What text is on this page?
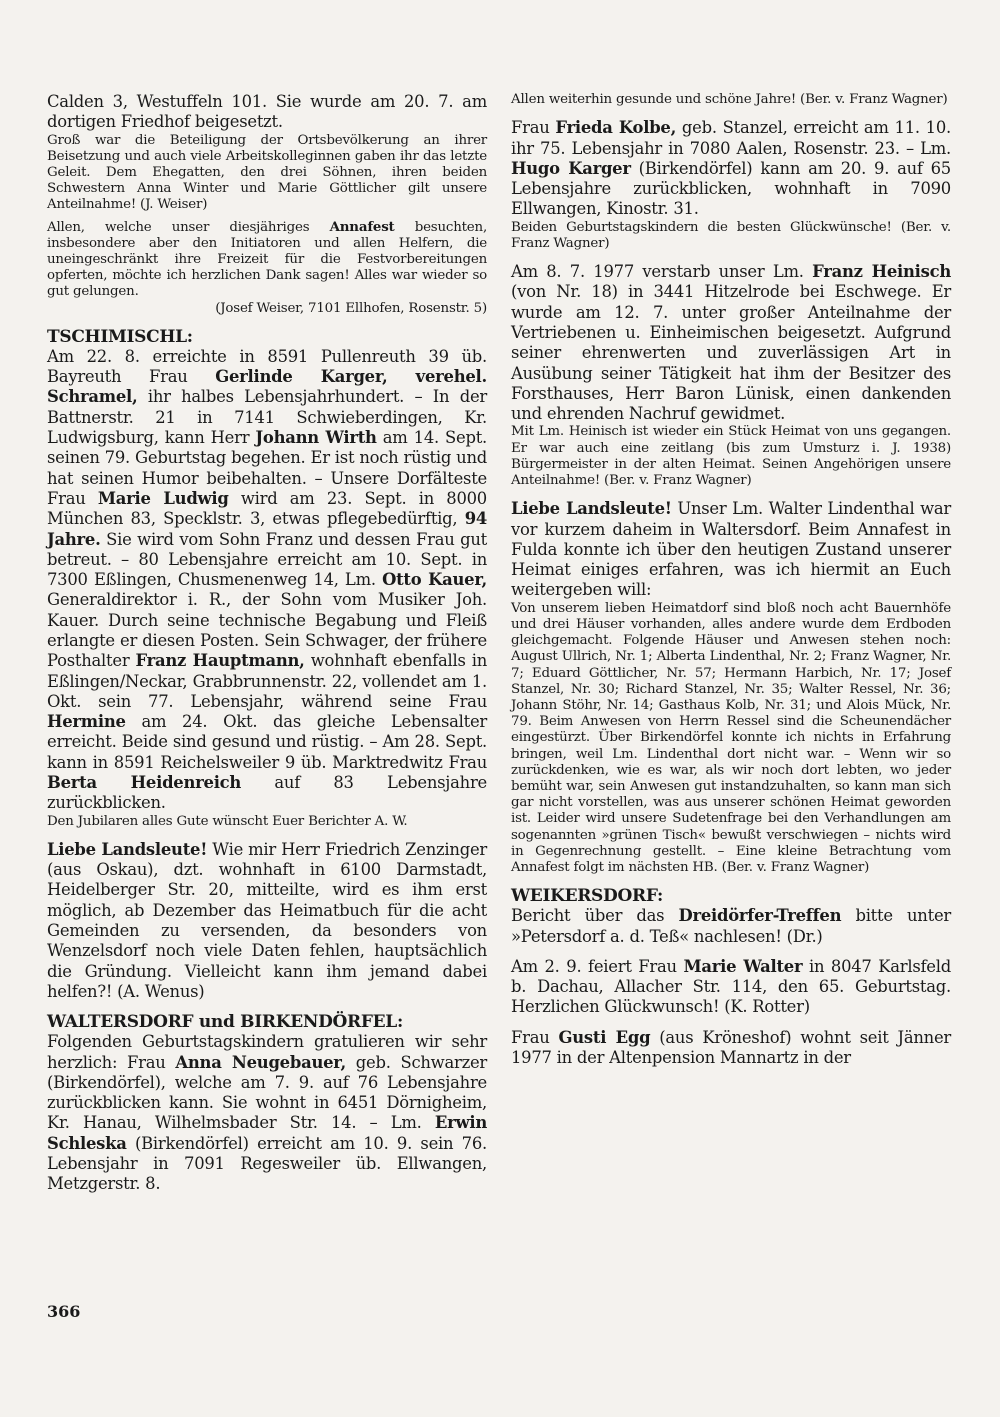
Calden 3, Westuffeln 101. Sie wurde am 20. 7. am dortigen Friedhof beigesetzt.

Groß war die Beteiligung der Ortsbevölkerung an ihrer Beisetzung und auch viele Arbeitskolleginnen gaben ihr das letzte Geleit. Dem Ehegatten, den drei Söhnen, ihren beiden Schwestern Anna Winter und Marie Göttlicher gilt unsere Anteilnahme! (J. Weiser)

Allen, welche unser diesjähriges Annafest besuchten, insbesondere aber den Initiatoren und allen Helfern, die uneingeschränkt ihre Freizeit für die Festvorbereitungen opferten, möchte ich herzlichen Dank sagen! Alles war wieder so gut gelungen.

(Josef Weiser, 7101 Ellhofen, Rosenstr. 5)

TSCHIMISCHL:

Am 22. 8. erreichte in 8591 Pullenreuth 39 üb. Bayreuth Frau Gerlinde Karger, verehel. Schramel, ihr halbes Lebensjahrhundert. – In der Battnerstr. 21 in 7141 Schwieberdingen, Kr. Ludwigsburg, kann Herr Johann Wirth am 14. Sept. seinen 79. Geburtstag begehen. Er ist noch rüstig und hat seinen Humor beibehalten. – Unsere Dorfälteste Frau Marie Ludwig wird am 23. Sept. in 8000 München 83, Specklstr. 3, etwas pflegebedürftig, 94 Jahre. Sie wird vom Sohn Franz und dessen Frau gut betreut. – 80 Lebensjahre erreicht am 10. Sept. in 7300 Eßlingen, Chusmenenweg 14, Lm. Otto Kauer, Generaldirektor i. R., der Sohn vom Musiker Joh. Kauer. Durch seine technische Begabung und Fleiß erlangte er diesen Posten. Sein Schwager, der frühere Posthalter Franz Hauptmann, wohnhaft ebenfalls in Eßlingen/Neckar, Grabbrunnenstr. 22, vollendet am 1. Okt. sein 77. Lebensjahr, während seine Frau Hermine am 24. Okt. das gleiche Lebensalter erreicht. Beide sind gesund und rüstig. – Am 28. Sept. kann in 8591 Reichelsweiler 9 üb. Marktredwitz Frau Berta Heidenreich auf 83 Lebensjahre zurückblicken.

Den Jubilaren alles Gute wünscht Euer Berichter A. W.

Liebe Landsleute! Wie mir Herr Friedrich Zenzinger (aus Oskau), dzt. wohnhaft in 6100 Darmstadt, Heidelberger Str. 20, mitteilte, wird es ihm erst möglich, ab Dezember das Heimatbuch für die acht Gemeinden zu versenden, da besonders von Wenzelsdorf noch viele Daten fehlen, hauptsächlich die Gründung. Vielleicht kann ihm jemand dabei helfen?! (A. Wenus)

WALTERSDORF und BIRKENDÖRFEL:

Folgenden Geburtstagskindern gratulieren wir sehr herzlich: Frau Anna Neugebauer, geb. Schwarzer (Birkendörfel), welche am 7. 9. auf 76 Lebensjahre zurückblicken kann. Sie wohnt in 6451 Dörnigheim, Kr. Hanau, Wilhelmsbader Str. 14. – Lm. Erwin Schleska (Birkendörfel) erreicht am 10. 9. sein 76. Lebensjahr in 7091 Regesweiler üb. Ellwangen, Metzgerstr. 8.

Allen weiterhin gesunde und schöne Jahre! (Ber. v. Franz Wagner)

Frau Frieda Kolbe, geb. Stanzel, erreicht am 11. 10. ihr 75. Lebensjahr in 7080 Aalen, Rosenstr. 23. – Lm. Hugo Karger (Birkendörfel) kann am 20. 9. auf 65 Lebensjahre zurückblicken, wohnhaft in 7090 Ellwangen, Kinostr. 31.

Beiden Geburtstagskindern die besten Glückwünsche! (Ber. v. Franz Wagner)

Am 8. 7. 1977 verstarb unser Lm. Franz Heinisch (von Nr. 18) in 3441 Hitzelrode bei Eschwege. Er wurde am 12. 7. unter großer Anteilnahme der Vertriebenen u. Einheimischen beigesetzt. Aufgrund seiner ehrenwerten und zuverlässigen Art in Ausübung seiner Tätigkeit hat ihm der Besitzer des Forsthauses, Herr Baron Lünisk, einen dankenden und ehrenden Nachruf gewidmet.

Mit Lm. Heinisch ist wieder ein Stück Heimat von uns gegangen. Er war auch eine zeitlang (bis zum Umsturz i. J. 1938) Bürgermeister in der alten Heimat. Seinen Angehörigen unsere Anteilnahme! (Ber. v. Franz Wagner)

Liebe Landsleute! Unser Lm. Walter Lindenthal war vor kurzem daheim in Waltersdorf. Beim Annafest in Fulda konnte ich über den heutigen Zustand unserer Heimat einiges erfahren, was ich hiermit an Euch weitergeben will:

Von unserem lieben Heimatdorf sind bloß noch acht Bauernhöfe und drei Häuser vorhanden, alles andere wurde dem Erdboden gleichgemacht. Folgende Häuser und Anwesen stehen noch: August Ullrich, Nr. 1; Alberta Lindenthal, Nr. 2; Franz Wagner, Nr. 7; Eduard Göttlicher, Nr. 57; Hermann Harbich, Nr. 17; Josef Stanzel, Nr. 30; Richard Stanzel, Nr. 35; Walter Ressel, Nr. 36; Johann Stöhr, Nr. 14; Gasthaus Kolb, Nr. 31; und Alois Mück, Nr. 79. Beim Anwesen von Herrn Ressel sind die Scheunendächer eingestürzt. Über Birkendörfel konnte ich nichts in Erfahrung bringen, weil Lm. Lindenthal dort nicht war. – Wenn wir so zurückdenken, wie es war, als wir noch dort lebten, wo jeder bemüht war, sein Anwesen gut instandzuhalten, so kann man sich gar nicht vorstellen, was aus unserer schönen Heimat geworden ist. Leider wird unsere Sudetenfrage bei den Verhandlungen am sogenannten »grünen Tisch« bewußt verschwiegen – nichts wird in Gegenrechnung gestellt. – Eine kleine Betrachtung vom Annafest folgt im nächsten HB. (Ber. v. Franz Wagner)

WEIKERSDORF:

Bericht über das Dreidörfer-Treffen bitte unter »Petersdorf a. d. Teß« nachlesen! (Dr.)

Am 2. 9. feiert Frau Marie Walter in 8047 Karlsfeld b. Dachau, Allacher Str. 114, den 65. Geburtstag. Herzlichen Glückwunsch! (K. Rotter)

Frau Gusti Egg (aus Kröneshof) wohnt seit Jänner 1977 in der Altenpension Mannartz in der

366
